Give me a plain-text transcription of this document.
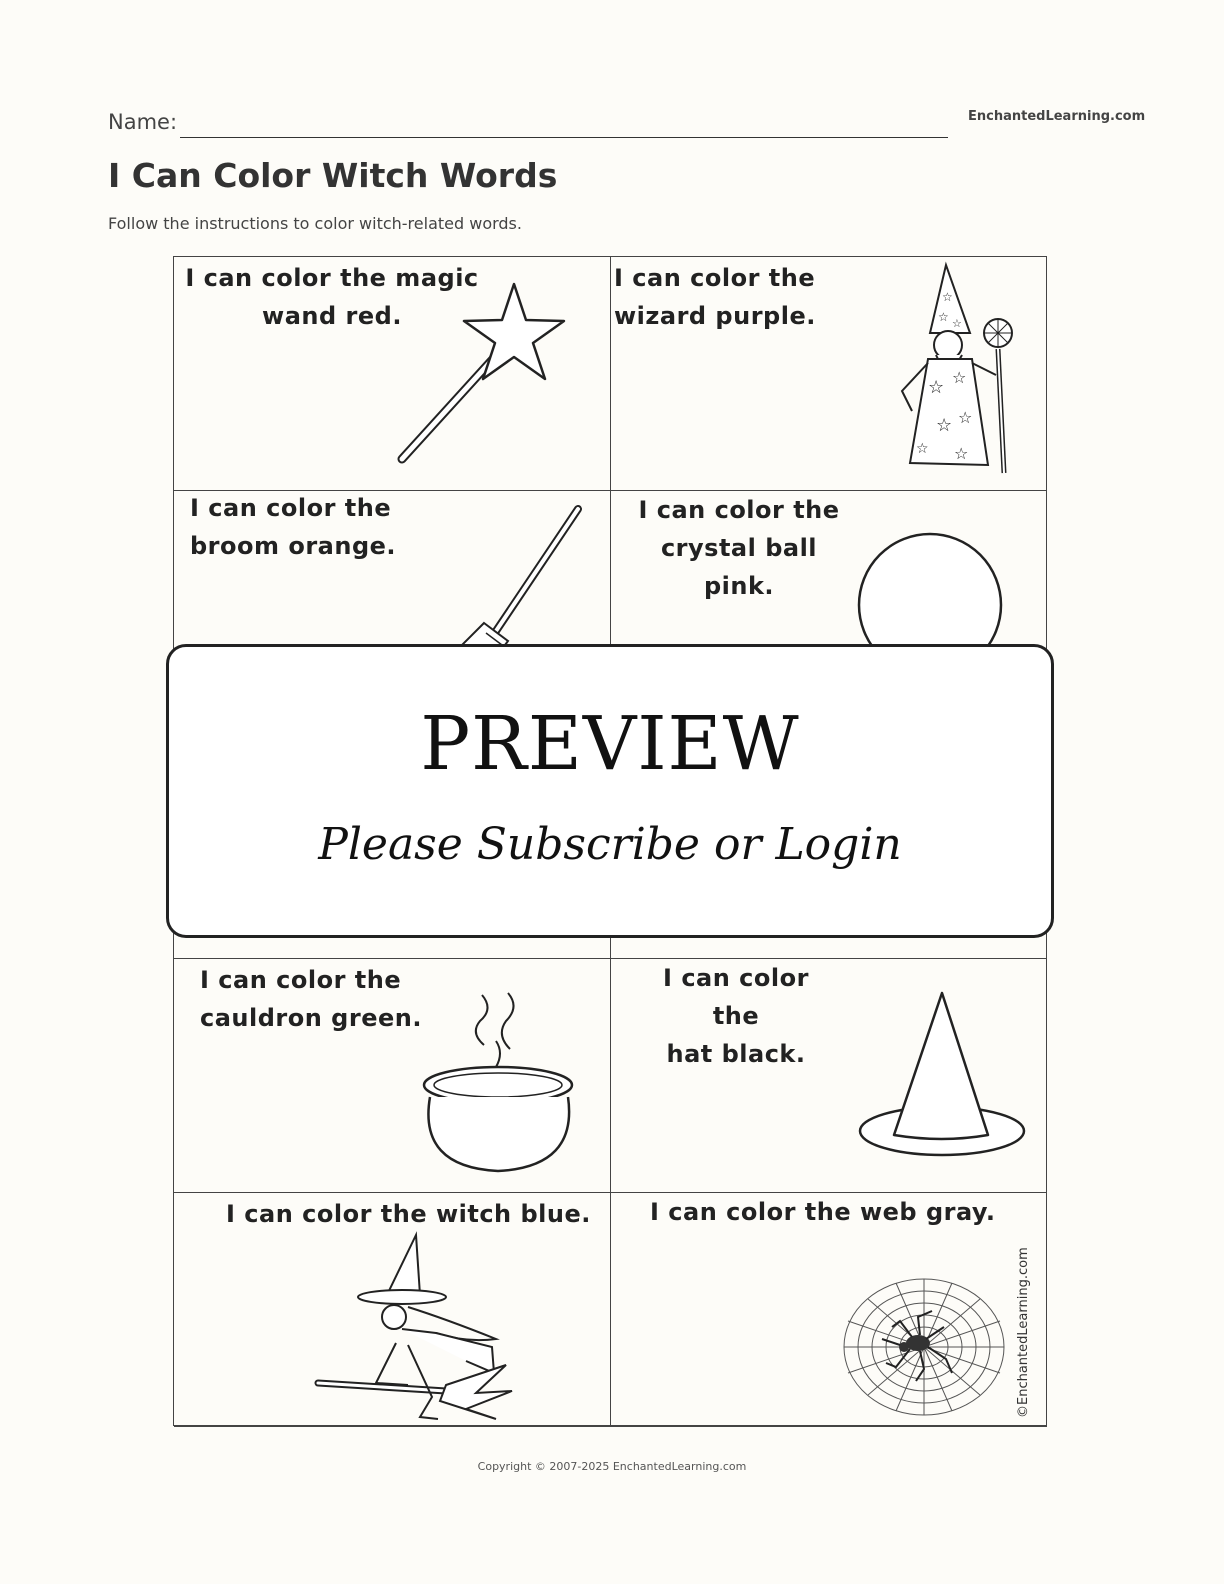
Name:	EnchantedLearning.com
I Can Color Witch Words
Follow the instructions to color witch-related words.
I can color the magic
wand red.
I can color the
wizard purple.
☆
☆ ☆
☆ ☆
☆ ☆
☆ ☆
I can color the
broom orange.
I can color the
crystal ball
pink.
I can color the
cauldron green.
I can color the
hat black.
I can color the witch blue. I can color the web gray.
©EnchantedLearning.com
PREVIEW
Please Subscribe or Login
Copyright © 2007-2025 EnchantedLearning.com
